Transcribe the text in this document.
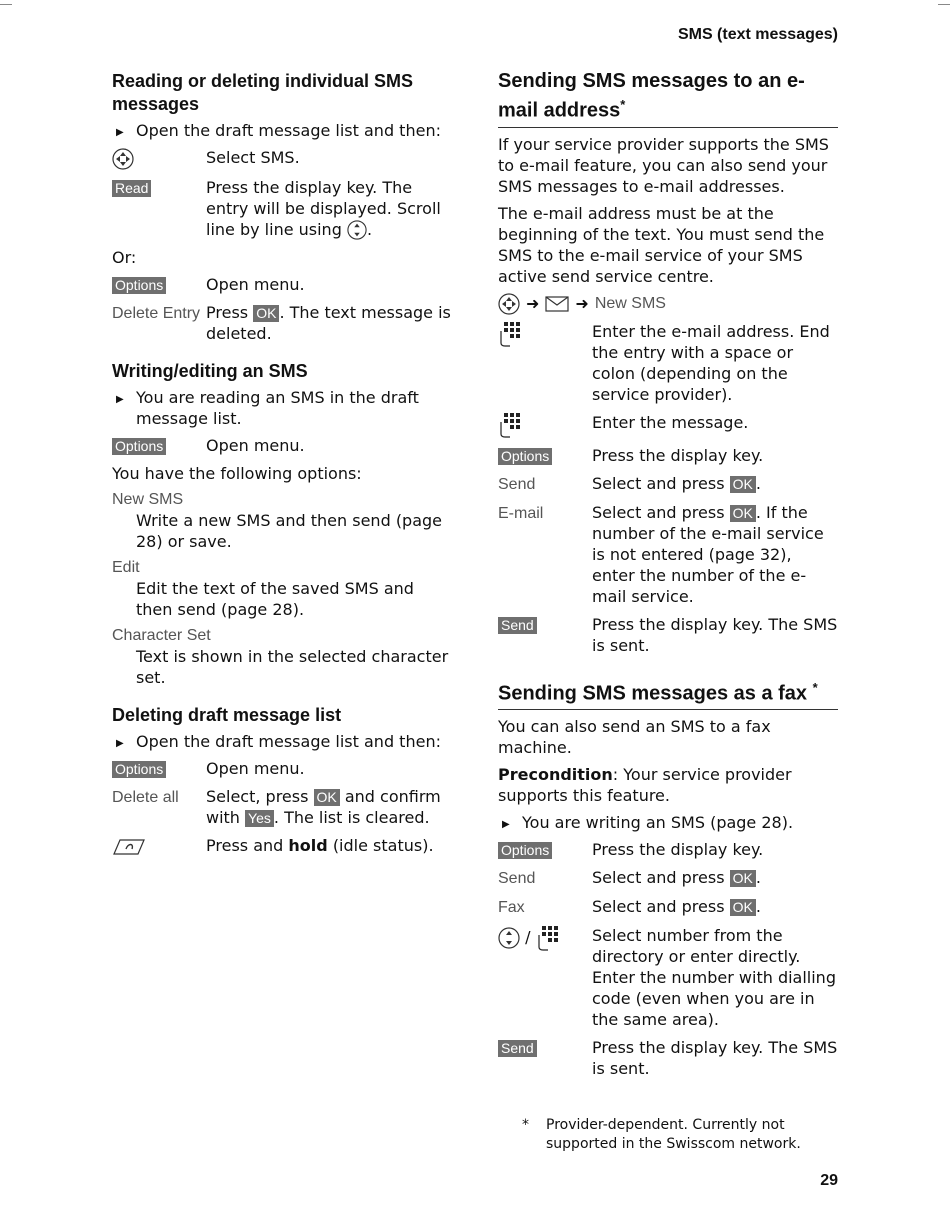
SMS (text messages)
Reading or deleting individual SMS messages
▶ Open the draft message list and then:
Select SMS.
Read	Press the display key. The entry will be displayed. Scroll line by line using .

Or:

Options	Open menu.
Delete Entry Press OK . The text message is deleted.
Writing/editing an SMS
▶ You are reading an SMS in the draft message list.
Options	Open menu.

You have the following options:

New SMS
Write a new SMS and then send (page 28) or save.
Edit
Edit the text of the saved SMS and then send (page 28).
Character Set
Text is shown in the selected character set.
Deleting draft message list
▶ Open the draft message list and then:
Options	Open menu.
Delete all	Select, press OK and confirm with Yes . The list is cleared.
Press and hold (idle status).
Sending SMS messages to an e-mail address*

If your service provider supports the SMS to e-mail feature, you can also send your SMS messages to e-mail addresses.

The e-mail address must be at the beginning of the text. You must send the SMS to the e-mail service of your SMS active send service centre.

➜ ➜ New SMS
Enter the e-mail address. End the entry with a space or colon (depending on the service provider).
Enter the message.
Options	Press the display key.
Send	Select and press OK .
E-mail	Select and press OK . If the number of the e-mail service is not entered (page 32), enter the number of the e-mail service.
Send	Press the display key. The SMS is sent.
Sending SMS messages as a fax *

You can also send an SMS to a fax machine.

Precondition: Your service provider supports this feature.

▶ You are writing an SMS (page 28).
Options	Press the display key.
Send	Select and press OK .
Fax	Select and press OK .
/	Select number from the directory or enter directly. Enter the number with dialling code (even when you are in the same area).
Send	Press the display key. The SMS is sent.
*	Provider-dependent. Currently not supported in the Swisscom network.
29
